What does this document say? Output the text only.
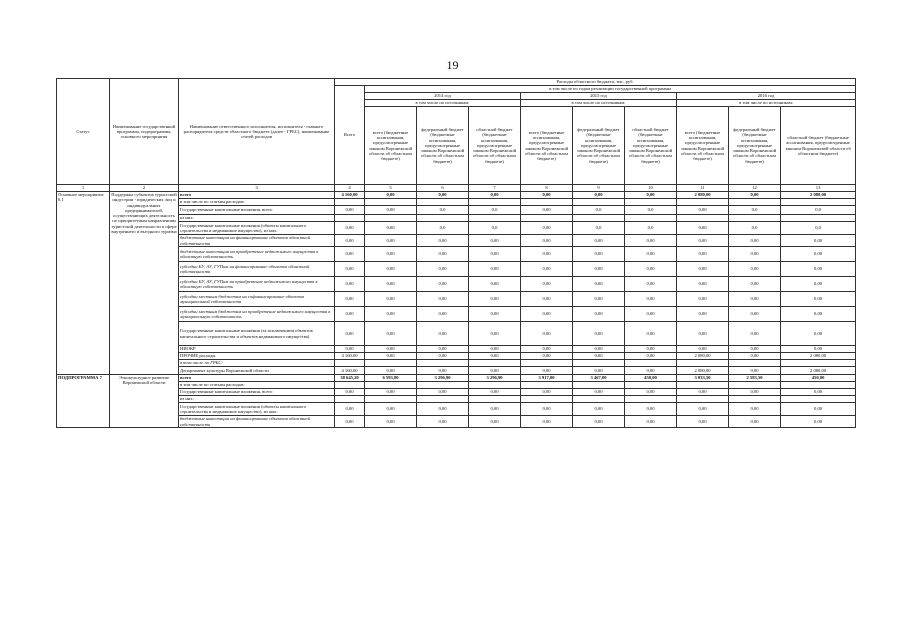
19
Статус	Наименование государственной программы, подпрограммы, основного мероприятия	Наименование ответственного исполнителя, исполнителя - главного распорядителя средств областного бюджета (далее - ГРБС), наименование статей расходов	Расходы областного бюджета, тыс. руб.									
			Всего	в том числе по годам реализации государственной программы								
				2014 год			2015 год			2016 год		
				в том числе по источникам:			в том числе по источникам:			в том числе по источникам:		
				всего (бюджетные ассигнования, предусмотренные законом Воронежской области об областном бюджете)	федеральный бюджет (бюджетные ассигнования, предусмотренные законом Воронежской области об областном бюджете)	областной бюджет (бюджетные ассигнования, предусмотренные законом Воронежской области об областном бюджете)	всего (бюджетные ассигнования, предусмотренные законом Воронежской области об областном бюджете)	федеральный бюджет (бюджетные ассигнования, предусмотренные законом Воронежской области об областном бюджете)	областной бюджет (бюджетные ассигнования, предусмотренные законом Воронежской области об областном бюджете)	всего (бюджетные ассигнования, предусмотренные законом Воронежской области об областном бюджете)	федеральный бюджет (бюджетные ассигнования, предусмотренные законом Воронежской области об областном бюджете)	областной бюджет (бюджетные ассигнования, предусмотренные законом Воронежской области об областном бюджете)
1	2	3	4	5	6	7	8	9	10	11	12	13
Основное мероприятие 6.1	Поддержка субъектов туристской индустрии - юридических лиц и индивидуальных предпринимателей, осуществляющих деятельность по приоритетным направлениям туристской деятельности в сфере внутреннего и въездного туризма	всего	4 160,00	0,00	0,00	0,00	0,00	0,00	0,00	2 080,00	0,00	2 080,00
		в том числе по статьям расходов:										
		Государственные капитальные вложения, всего	0,00	0,00	0,0	0,0	0,00	0,0	0,0	0,00	0,0	0,0
		из них:										
		Государственные капитальные вложения (объекты капитального строительства и недвижимое имущество), из них:	0,00	0,00	0,0	0,0	0,00	0,0	0,0	0,00	0,0	0,0
		бюджетные инвестиции на финансирование объектов областной собственности	0,00	0,00	0,00	0,00	0,00	0,00	0,00	0,00	0,00	0,00
		бюджетные инвестиции на приобретение недвижимого имущества в областную собственность	0,00	0,00	0,00	0,00	0,00	0,00	0,00	0,00	0,00	0,00
		субсидии БУ, АУ, ГУПам на финансирование объектов областной собственности	0,00	0,00	0,00	0,00	0,00	0,00	0,00	0,00	0,00	0,00
		субсидии БУ, АУ, ГУПам на приобретение недвижимого имущества в областную собственность	0,00	0,00	0,00	0,00	0,00	0,00	0,00	0,00	0,00	0,00
		субсидии местным бюджетам на софинансирование объектов муниципальной собственности	0,00	0,00	0,00	0,00	0,00	0,00	0,00	0,00	0,00	0,00
		субсидии местным бюджетам на приобретение недвижимого имущества в муниципальную собственность	0,00	0,00	0,00	0,00	0,00	0,00	0,00	0,00	0,00	0,00
		Государственные капитальные вложения (за исключением объектов капитального строительства и объектов недвижимого имущества)	0,00	0,00	0,00	0,00	0,00	0,00	0,00	0,00	0,00	0,00
		НИОКР	0,00	0,00	0,00	0,00	0,00	0,00	0,00	0,00	0,00	0,00
		ПРОЧИЕ расходы	4 160,00	0,00	0,00	0,00	0,00	0,00	0,00	2 080,00	0,00	2 080,00
		в том числе по ГРБС:										
		Департамент культуры Воронежской области	4 160,00	0,00	0,00	0,00	0,00	0,00	0,00	2 080,00	0,00	2 080,00
ПОДПРОГРАММА 7	Этнокультурное развитие Воронежской области	всего	38 645,20	6 593,80	3 296,90	3 296,90	3 917,00	3 467,00	450,00	3 033,50	2 583,50	450,00
		в том числе по статьям расходов:										
		Государственные капитальные вложения, всего	0,00	0,00	0,00	0,00	0,00	0,00	0,00	0,00	0,00	0,00
		из них:										
		Государственные капитальные вложения (объекты капитального строительства и недвижимое имущество), из них:	0,00	0,00	0,00	0,00	0,00	0,00	0,00	0,00	0,00	0,00
		бюджетные инвестиции на финансирование объектов областной собственности	0,00	0,00	0,00	0,00	0,00	0,00	0,00	0,00	0,00	0,00
